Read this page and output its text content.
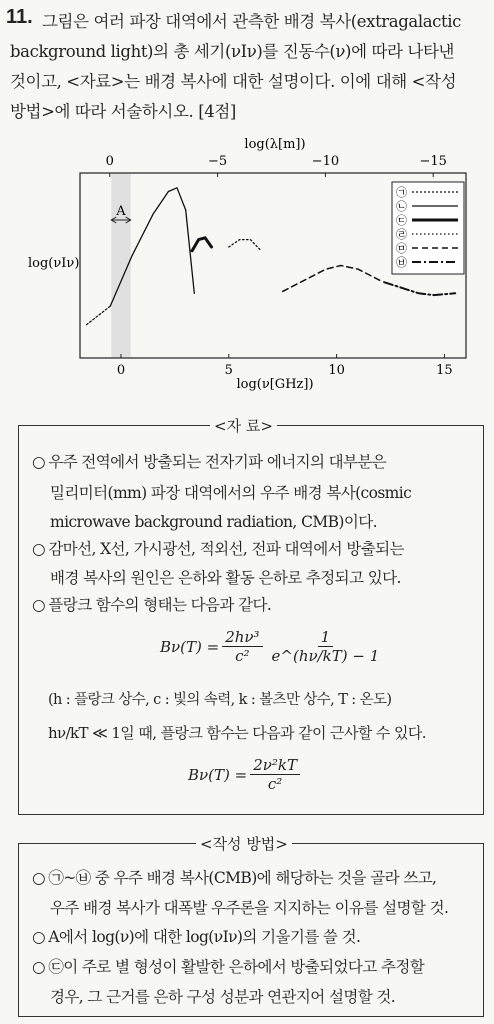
11. 그림은 여러 파장 대역에서 관측한 배경 복사(extragalactic
background light)의 총 세기(νIν)를 진동수(ν)에 따라 나타낸
것이고, <자료>는 배경 복사에 대한 설명이다. 이에 대해 <작성
방법>에 따라 서술하시오. [4점]
log(λ[m])
0	−5	−10	−15
log(νIν)
A
㉠
㉡
㉢
㉣
㉤
㉥
0	5	10	15
log(ν[GHz])
<자 료>
○ 우주 전역에서 방출되는 전자기파 에너지의 대부분은
밀리미터(mm) 파장 대역에서의 우주 배경 복사(cosmic
microwave background radiation, CMB)이다.
○ 감마선, X선, 가시광선, 적외선, 전파 대역에서 방출되는
배경 복사의 원인은 은하와 활동 은하로 추정되고 있다.
○ 플랑크 함수의 형태는 다음과 같다.
$B\nu(T) = \frac{\text{2hν³}}{\text{c²}} \frac{1}{e\^{}(h\nu/kT) - 1}$
(h : 플랑크 상수, c : 빛의 속력, k : 볼츠만 상수, T : 온도)
hν/kT ≪ 1일 때, 플랑크 함수는 다음과 같이 근사할 수 있다.
$B\nu(T) = \frac{\text{2ν²kT}}{\text{c²}}$
<작성 방법>
○ ㉠~㉥ 중 우주 배경 복사(CMB)에 해당하는 것을 골라 쓰고,
우주 배경 복사가 대폭발 우주론을 지지하는 이유를 설명할 것.
○ A에서 log(ν)에 대한 log(νIν)의 기울기를 쓸 것.
○ ㉢이 주로 별 형성이 활발한 은하에서 방출되었다고 추정할
경우, 그 근거를 은하 구성 성분과 연관지어 설명할 것.
